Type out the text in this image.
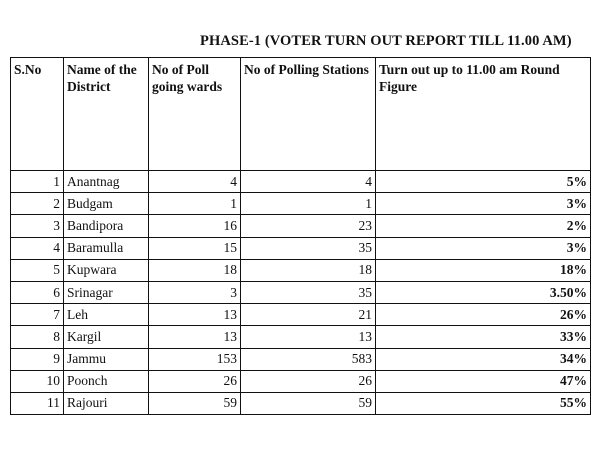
PHASE-1 (VOTER TURN OUT REPORT TILL 11.00 AM)
S.No	Name of the District	No of Poll going wards	No of Polling Stations	Turn out up to 11.00 am Round Figure
1	Anantnag	4	4	5%
2	Budgam	1	1	3%
3	Bandipora	16	23	2%
4	Baramulla	15	35	3%
5	Kupwara	18	18	18%
6	Srinagar	3	35	3.50%
7	Leh	13	21	26%
8	Kargil	13	13	33%
9	Jammu	153	583	34%
10	Poonch	26	26	47%
11	Rajouri	59	59	55%
